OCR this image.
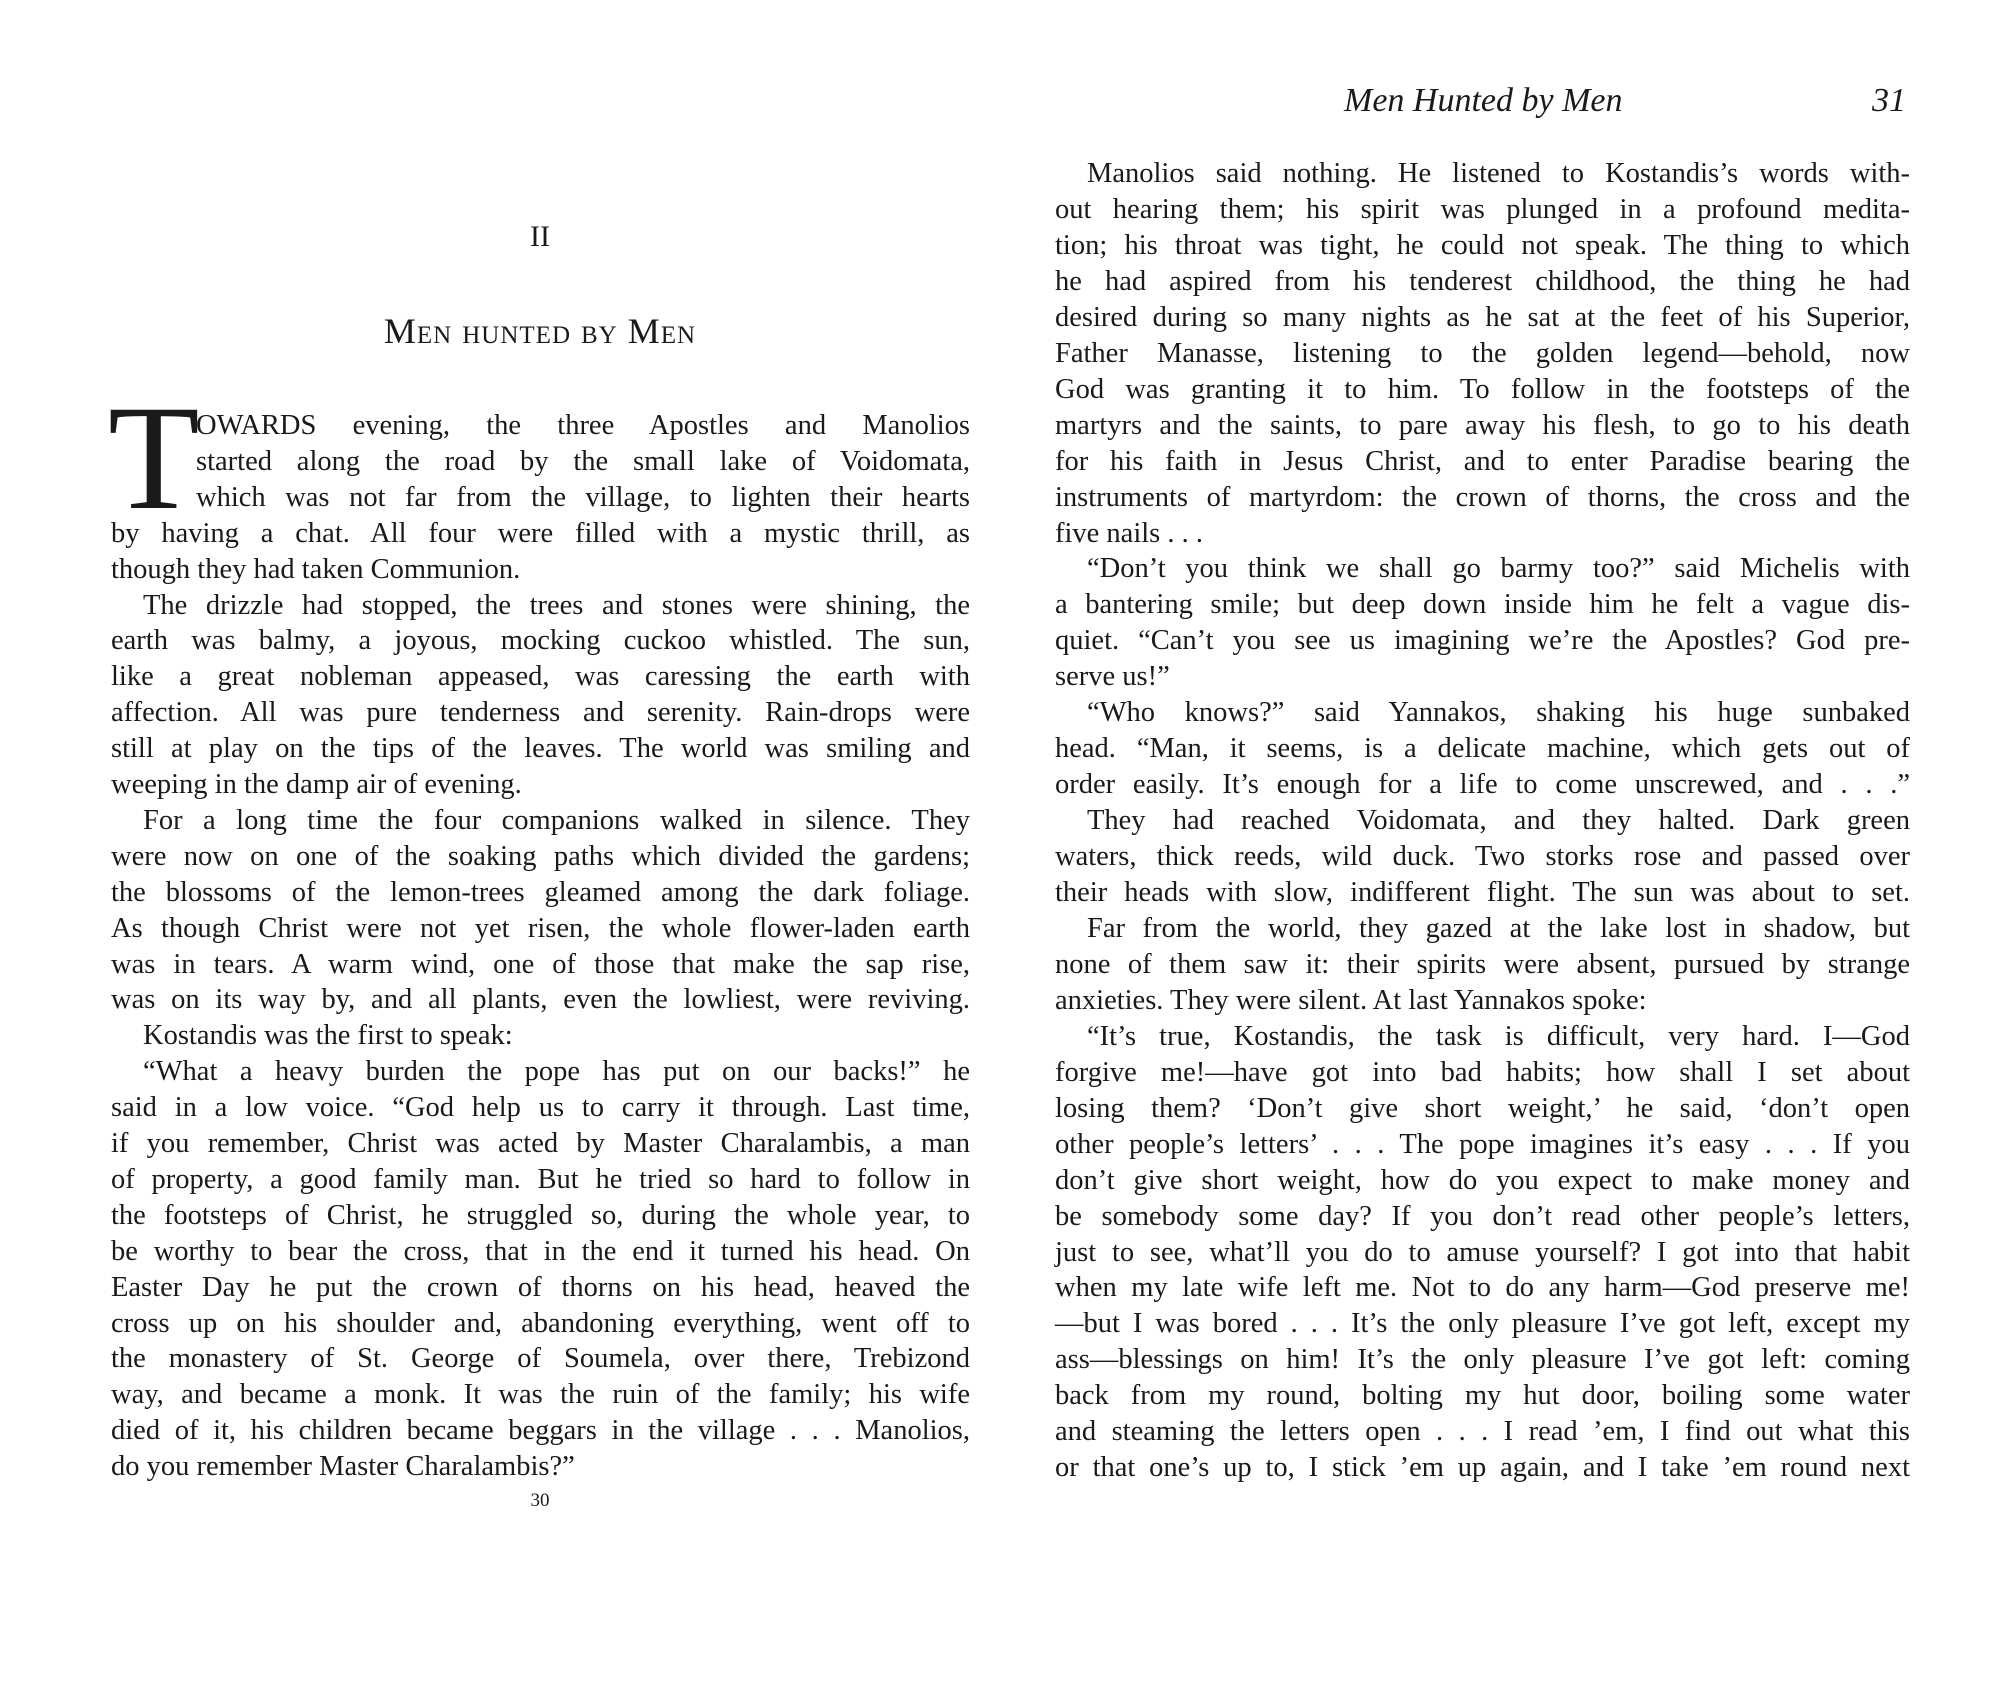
II
Men hunted by Men
T
OWARDS evening, the three Apostles and Manolios
started along the road by the small lake of Voidomata,
which was not far from the village, to lighten their hearts
by having a chat. All four were filled with a mystic thrill, as
though they had taken Communion.
The drizzle had stopped, the trees and stones were shining, the
earth was balmy, a joyous, mocking cuckoo whistled. The sun,
like a great nobleman appeased, was caressing the earth with
affection. All was pure tenderness and serenity. Rain-drops were
still at play on the tips of the leaves. The world was smiling and
weeping in the damp air of evening.
For a long time the four companions walked in silence. They
were now on one of the soaking paths which divided the gardens;
the blossoms of the lemon-trees gleamed among the dark foliage.
As though Christ were not yet risen, the whole flower-laden earth
was in tears. A warm wind, one of those that make the sap rise,
was on its way by, and all plants, even the lowliest, were reviving.
Kostandis was the first to speak:
“What a heavy burden the pope has put on our backs!” he
said in a low voice. “God help us to carry it through. Last time,
if you remember, Christ was acted by Master Charalambis, a man
of property, a good family man. But he tried so hard to follow in
the footsteps of Christ, he struggled so, during the whole year, to
be worthy to bear the cross, that in the end it turned his head. On
Easter Day he put the crown of thorns on his head, heaved the
cross up on his shoulder and, abandoning everything, went off to
the monastery of St. George of Soumela, over there, Trebizond
way, and became a monk. It was the ruin of the family; his wife
died of it, his children became beggars in the village . . . Manolios,
do you remember Master Charalambis?”
30
Men Hunted by Men	31
Manolios said nothing. He listened to Kostandis’s words with-
out hearing them; his spirit was plunged in a profound medita-
tion; his throat was tight, he could not speak. The thing to which
he had aspired from his tenderest childhood, the thing he had
desired during so many nights as he sat at the feet of his Superior,
Father Manasse, listening to the golden legend—behold, now
God was granting it to him. To follow in the footsteps of the
martyrs and the saints, to pare away his flesh, to go to his death
for his faith in Jesus Christ, and to enter Paradise bearing the
instruments of martyrdom: the crown of thorns, the cross and the
five nails . . .
“Don’t you think we shall go barmy too?” said Michelis with
a bantering smile; but deep down inside him he felt a vague dis-
quiet. “Can’t you see us imagining we’re the Apostles? God pre-
serve us!”
“Who knows?” said Yannakos, shaking his huge sunbaked
head. “Man, it seems, is a delicate machine, which gets out of
order easily. It’s enough for a life to come unscrewed, and . . .”
They had reached Voidomata, and they halted. Dark green
waters, thick reeds, wild duck. Two storks rose and passed over
their heads with slow, indifferent flight. The sun was about to set.
Far from the world, they gazed at the lake lost in shadow, but
none of them saw it: their spirits were absent, pursued by strange
anxieties. They were silent. At last Yannakos spoke:
“It’s true, Kostandis, the task is difficult, very hard. I—God
forgive me!—have got into bad habits; how shall I set about
losing them? ‘Don’t give short weight,’ he said, ‘don’t open
other people’s letters’ . . . The pope imagines it’s easy . . . If you
don’t give short weight, how do you expect to make money and
be somebody some day? If you don’t read other people’s letters,
just to see, what’ll you do to amuse yourself? I got into that habit
when my late wife left me. Not to do any harm—God preserve me!
—but I was bored . . . It’s the only pleasure I’ve got left, except my
ass—blessings on him! It’s the only pleasure I’ve got left: coming
back from my round, bolting my hut door, boiling some water
and steaming the letters open . . . I read ’em, I find out what this
or that one’s up to, I stick ’em up again, and I take ’em round next
